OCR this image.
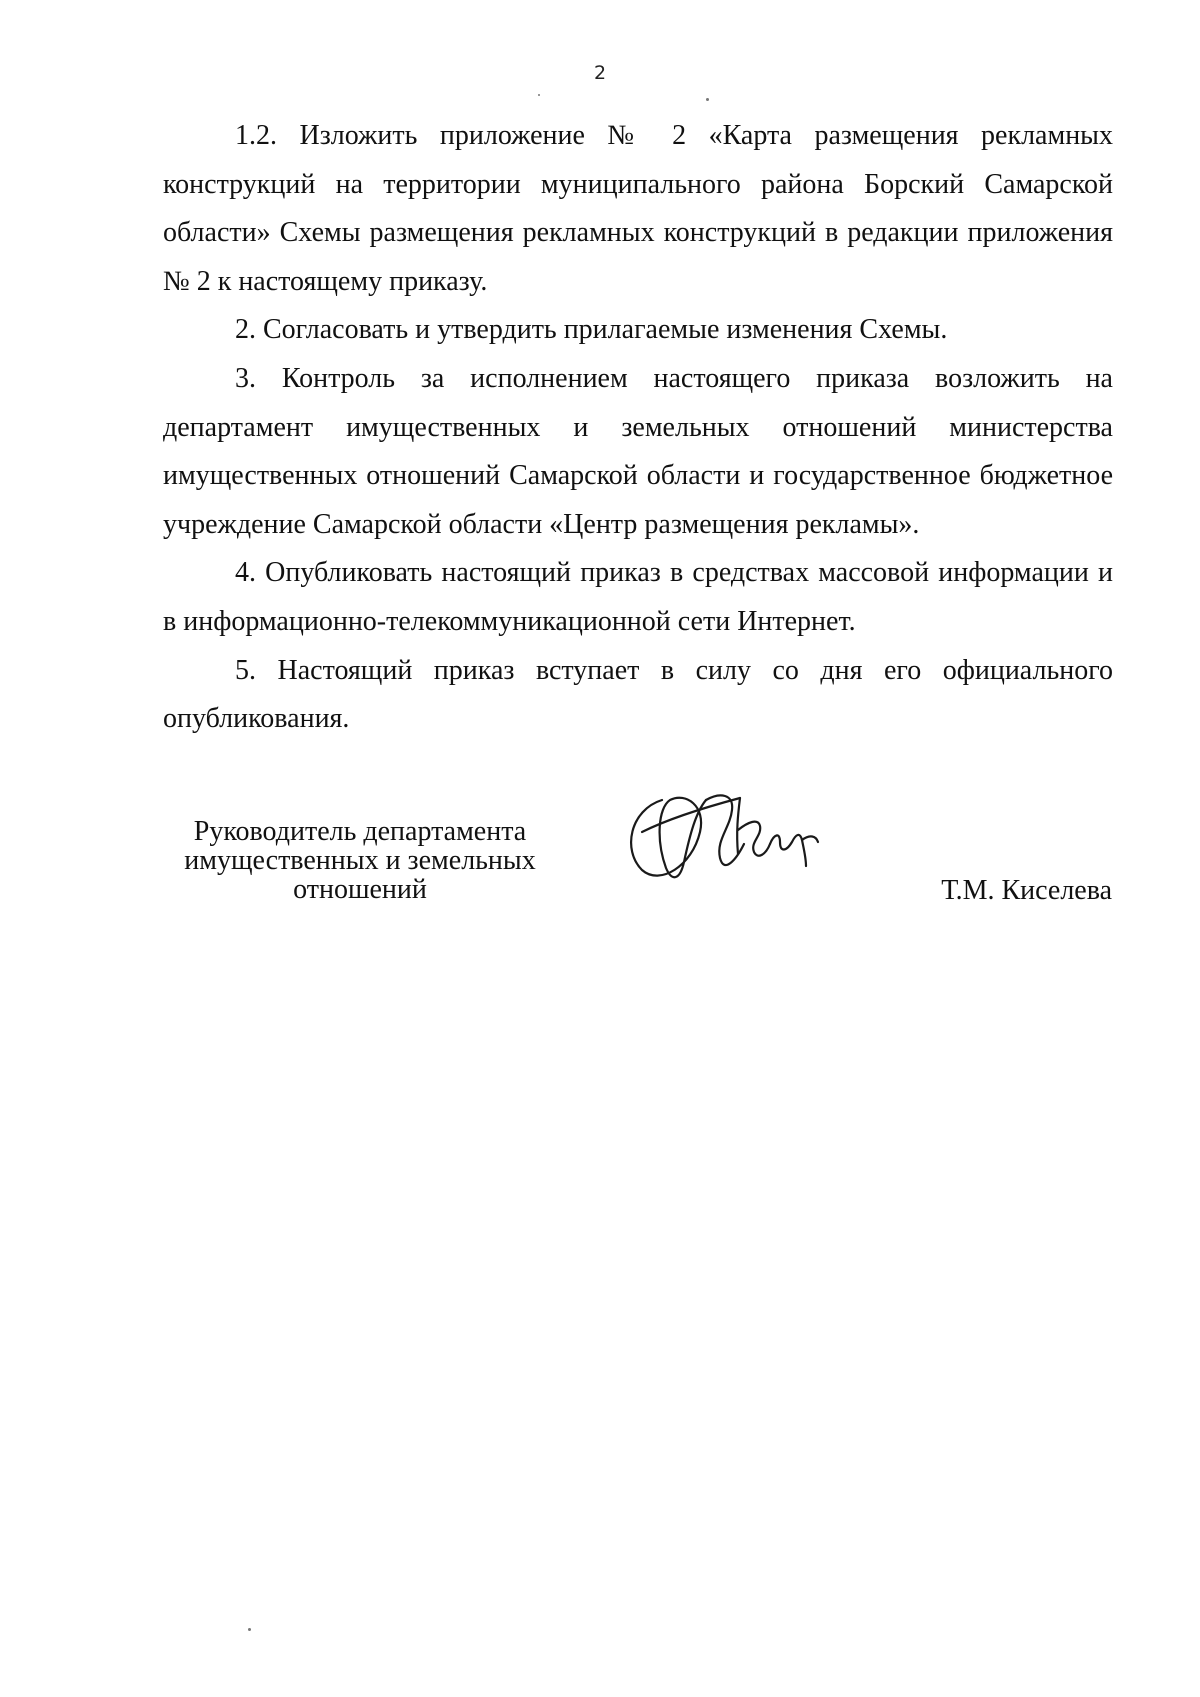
2

1.2. Изложить приложение № 2 «Карта размещения рекламных конструкций на территории муниципального района Борский Самарской области» Схемы размещения рекламных конструкций в редакции приложения № 2 к настоящему приказу.

2. Согласовать и утвердить прилагаемые изменения Схемы.

3. Контроль за исполнением настоящего приказа возложить на департамент имущественных и земельных отношений министерства имущественных отношений Самарской области и государственное бюджетное учреждение Самарской области «Центр размещения рекламы».

4. Опубликовать настоящий приказ в средствах массовой информации и в информационно-телекоммуникационной сети Интернет.

5. Настоящий приказ вступает в силу со дня его официального опубликования.

Руководитель департамента
имущественных и земельных
отношений	Т.М. Киселева
